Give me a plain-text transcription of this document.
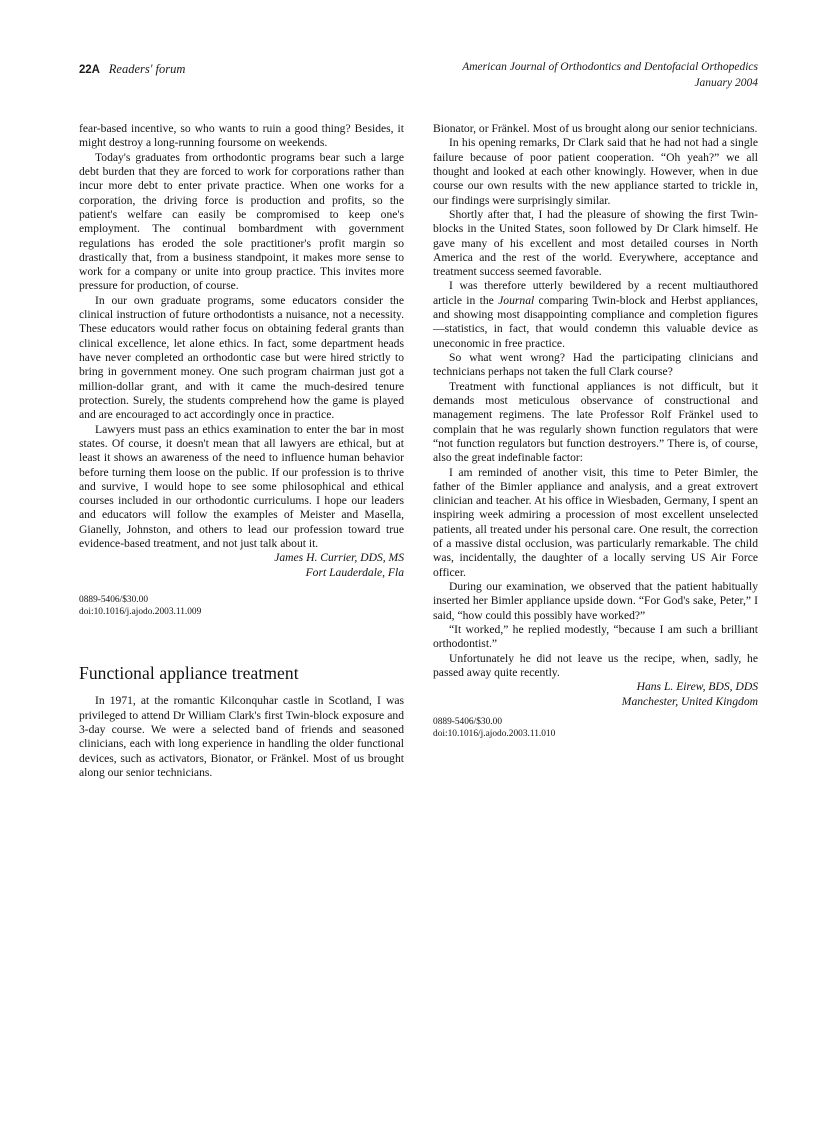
22A Readers' forum	American Journal of Orthodontics and Dentofacial Orthopedics
January 2004

fear-based incentive, so who wants to ruin a good thing? Besides, it might destroy a long-running foursome on weekends.

Today's graduates from orthodontic programs bear such a large debt burden that they are forced to work for corporations rather than incur more debt to enter private practice. When one works for a corporation, the driving force is production and profits, so the patient's welfare can easily be compromised to keep one's employment. The continual bombardment with government regulations has eroded the sole practitioner's profit margin so drastically that, from a business standpoint, it makes more sense to work for a company or unite into group practice. This invites more pressure for production, of course.

In our own graduate programs, some educators consider the clinical instruction of future orthodontists a nuisance, not a necessity. These educators would rather focus on obtaining federal grants than clinical excellence, let alone ethics. In fact, some department heads have never completed an orthodontic case but were hired strictly to bring in government money. One such program chairman just got a million-dollar grant, and with it came the much-desired tenure protection. Surely, the students comprehend how the game is played and are encouraged to act accordingly once in practice.

Lawyers must pass an ethics examination to enter the bar in most states. Of course, it doesn't mean that all lawyers are ethical, but at least it shows an awareness of the need to influence human behavior before turning them loose on the public. If our profession is to thrive and survive, I would hope to see some philosophical and ethical courses included in our orthodontic curriculums. I hope our leaders and educators will follow the examples of Meister and Masella, Gianelly, Johnston, and others to lead our profession toward true evidence-based treatment, and not just talk about it.

James H. Currier, DDS, MS
Fort Lauderdale, Fla
0889-5406/$30.00
doi:10.1016/j.ajodo.2003.11.009
Functional appliance treatment

In 1971, at the romantic Kilconquhar castle in Scotland, I was privileged to attend Dr William Clark's first Twin-block exposure and 3-day course. We were a selected band of friends and seasoned clinicians, each with long experience in handling the older functional devices, such as activators, Bionator, or Fränkel. Most of us brought along our senior technicians.

Bionator, or Fränkel. Most of us brought along our senior technicians.

In his opening remarks, Dr Clark said that he had not had a single failure because of poor patient cooperation. “Oh yeah?” we all thought and looked at each other knowingly. However, when in due course our own results with the new appliance started to trickle in, our findings were surprisingly similar.

Shortly after that, I had the pleasure of showing the first Twin-blocks in the United States, soon followed by Dr Clark himself. He gave many of his excellent and most detailed courses in North America and the rest of the world. Everywhere, acceptance and treatment success seemed favorable.

I was therefore utterly bewildered by a recent multiauthored article in the Journal comparing Twin-block and Herbst appliances, and showing most disappointing compliance and completion figures—statistics, in fact, that would condemn this valuable device as uneconomic in free practice.

So what went wrong? Had the participating clinicians and technicians perhaps not taken the full Clark course?

Treatment with functional appliances is not difficult, but it demands most meticulous observance of constructional and management regimens. The late Professor Rolf Fränkel used to complain that he was regularly shown function regulators that were “not function regulators but function destroyers.” There is, of course, also the great indefinable factor:

I am reminded of another visit, this time to Peter Bimler, the father of the Bimler appliance and analysis, and a great extrovert clinician and teacher. At his office in Wiesbaden, Germany, I spent an inspiring week admiring a procession of most excellent unselected patients, all treated under his personal care. One result, the correction of a massive distal occlusion, was particularly remarkable. The child was, incidentally, the daughter of a locally serving US Air Force officer.

During our examination, we observed that the patient habitually inserted her Bimler appliance upside down. “For God's sake, Peter,” I said, “how could this possibly have worked?”

“It worked,” he replied modestly, “because I am such a brilliant orthodontist.”

Unfortunately he did not leave us the recipe, when, sadly, he passed away quite recently.

Hans L. Eirew, BDS, DDS
Manchester, United Kingdom
0889-5406/$30.00
doi:10.1016/j.ajodo.2003.11.010
